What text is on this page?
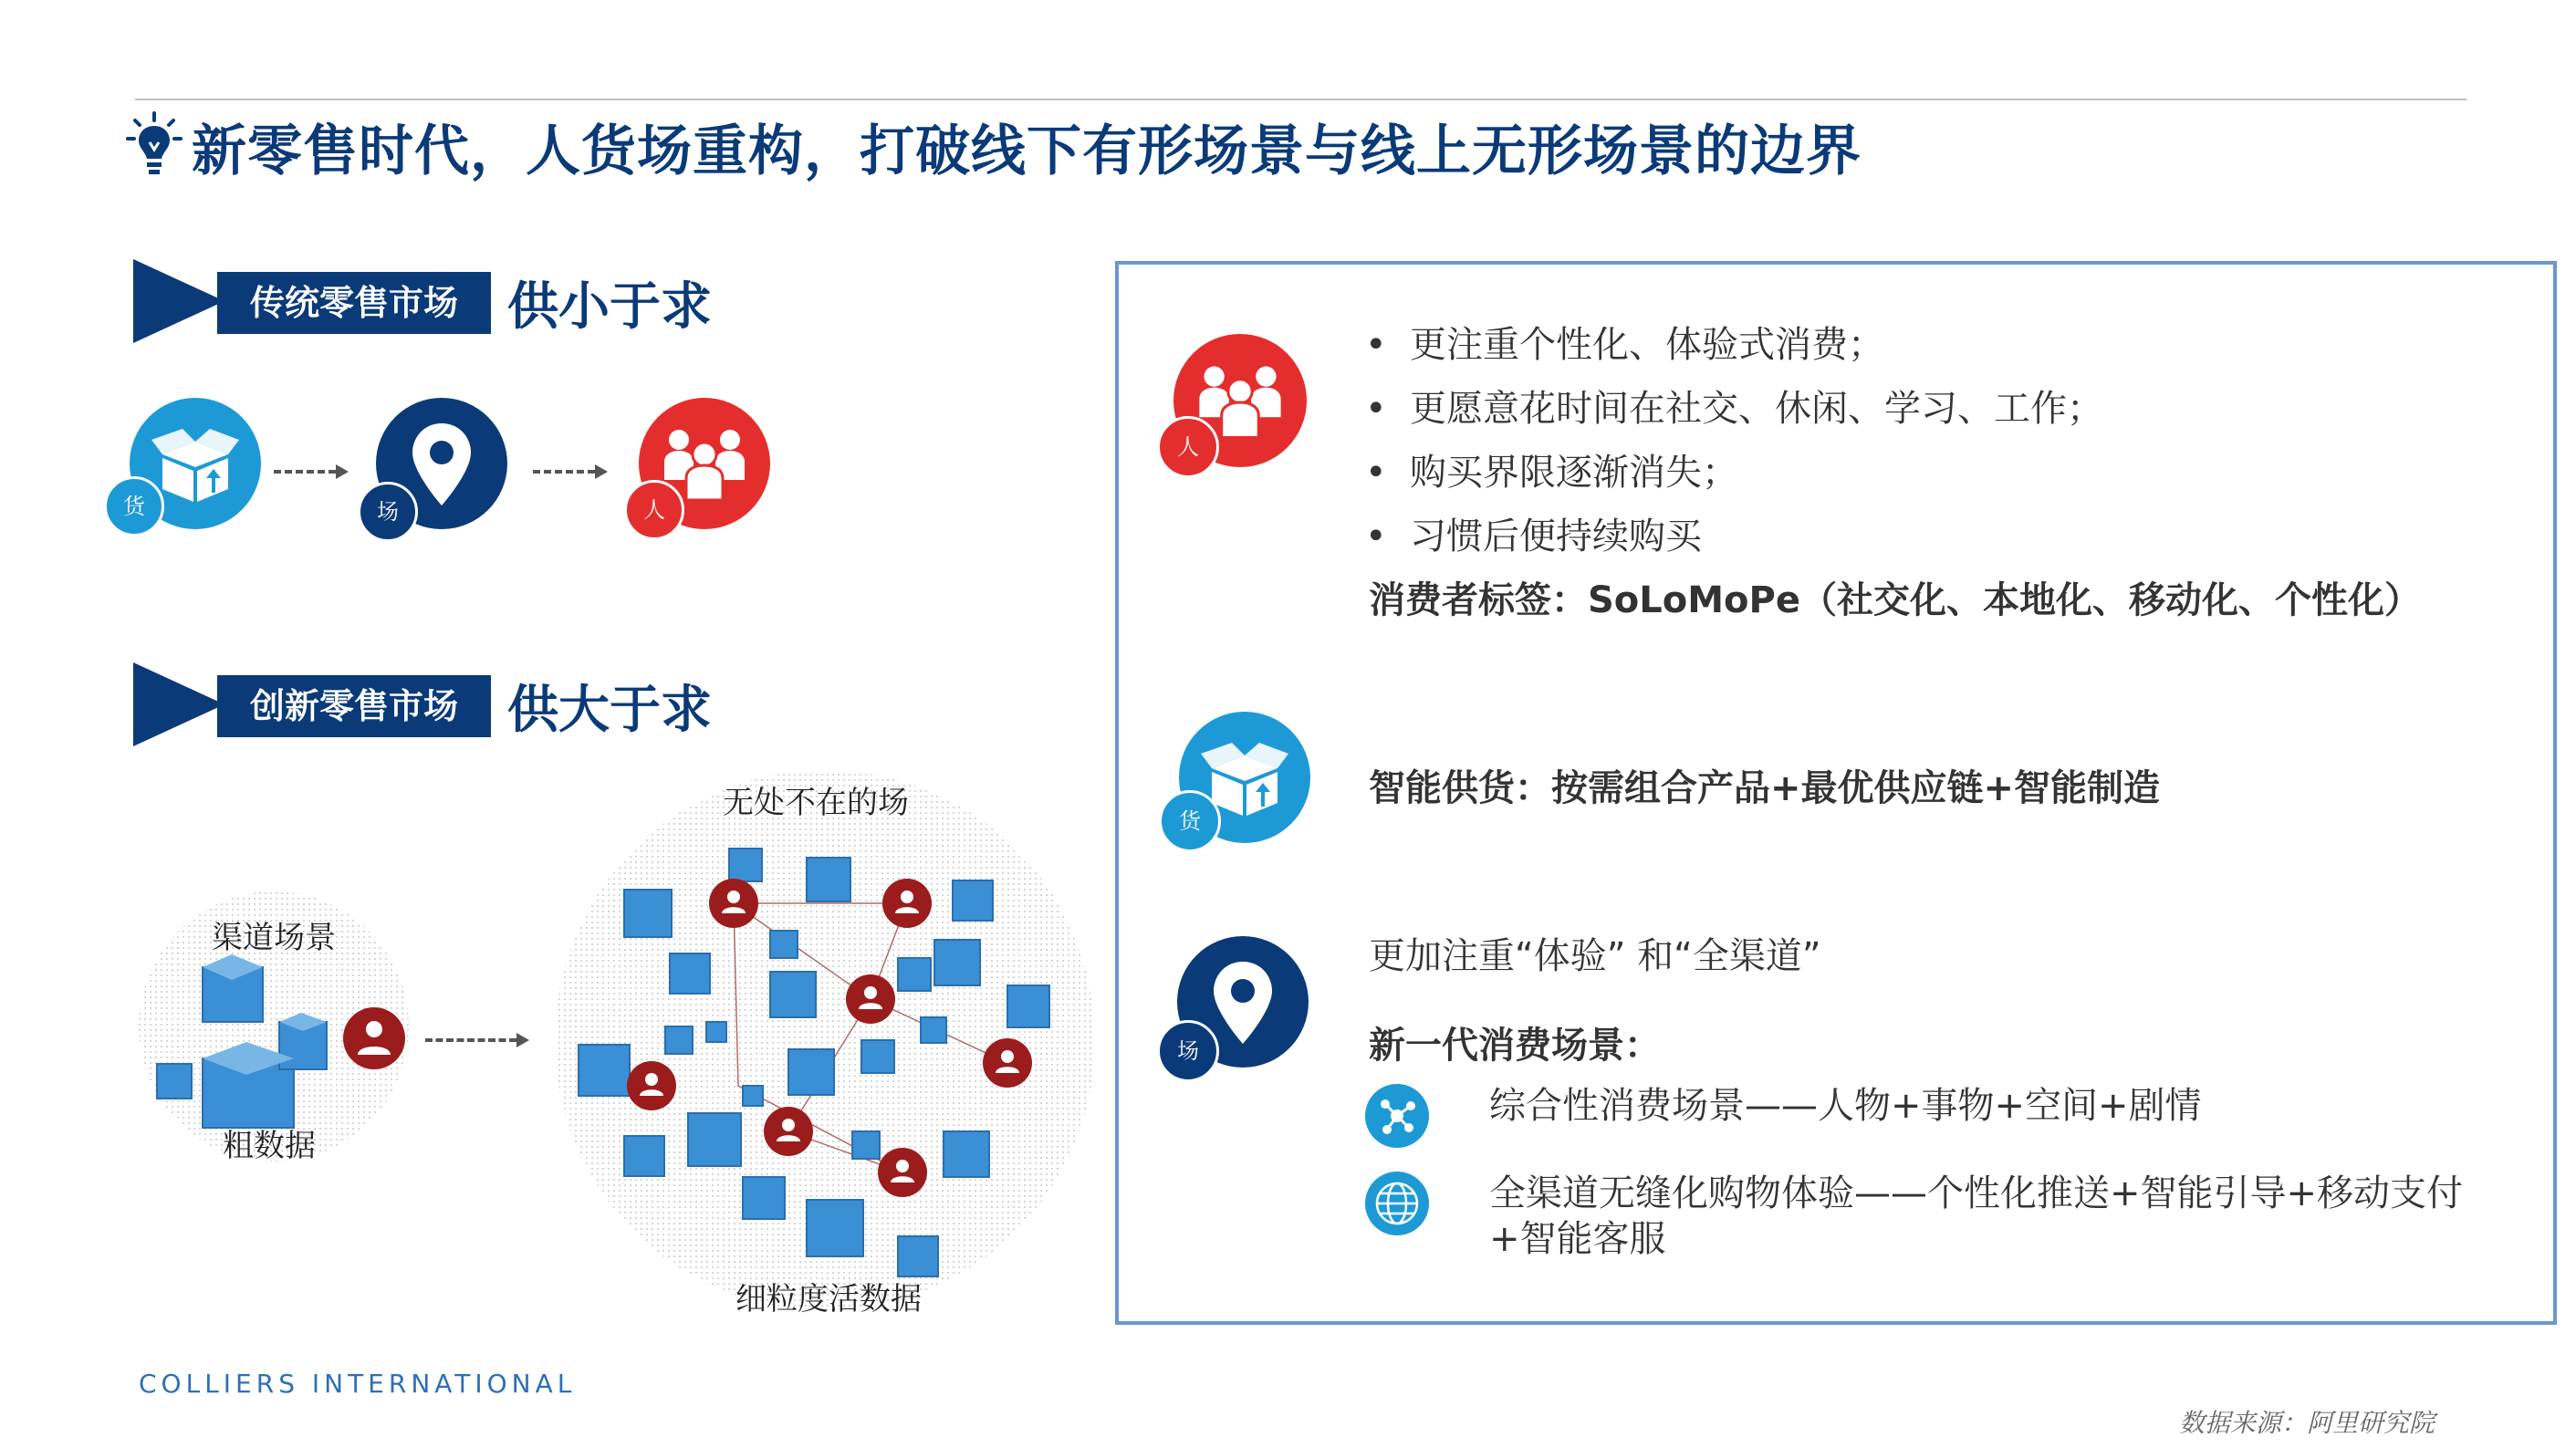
新零售时代，人货场重构，打破线下有形场景与线上无形场景的边界
传统零售市场 供小于求
货	场	人
创新零售市场 供大于求
渠道场景
粗数据
无处不在的场
细粒度活数据
人
•  更注重个性化、体验式消费；
•  更愿意花时间在社交、休闲、学习、工作；
•  购买界限逐渐消失；
•  习惯后便持续购买
消费者标签：SoLoMoPe（社交化、本地化、移动化、个性化）
货
智能供货：按需组合产品+最优供应链+智能制造
场
更加注重“体验” 和“全渠道”
新一代消费场景：
综合性消费场景——人物+事物+空间+剧情
全渠道无缝化购物体验——个性化推送+智能引导+移动支付
+智能客服
COLLIERS INTERNATIONAL
数据来源：阿里研究院
